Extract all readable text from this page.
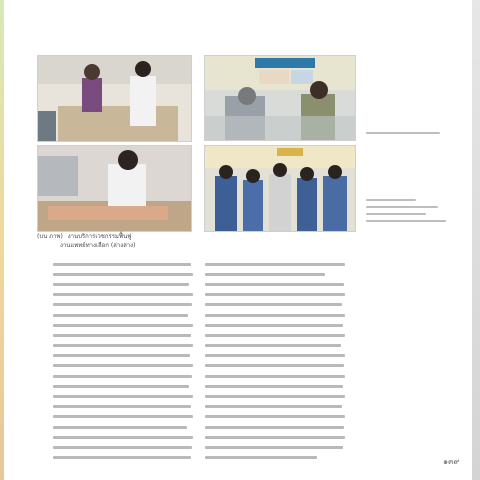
(บน ภาพ) งานบริการเวชกรรมฟื้นฟู
งานแพทย์ทางเลือก (ล่างล่าง)
๑๓๙
